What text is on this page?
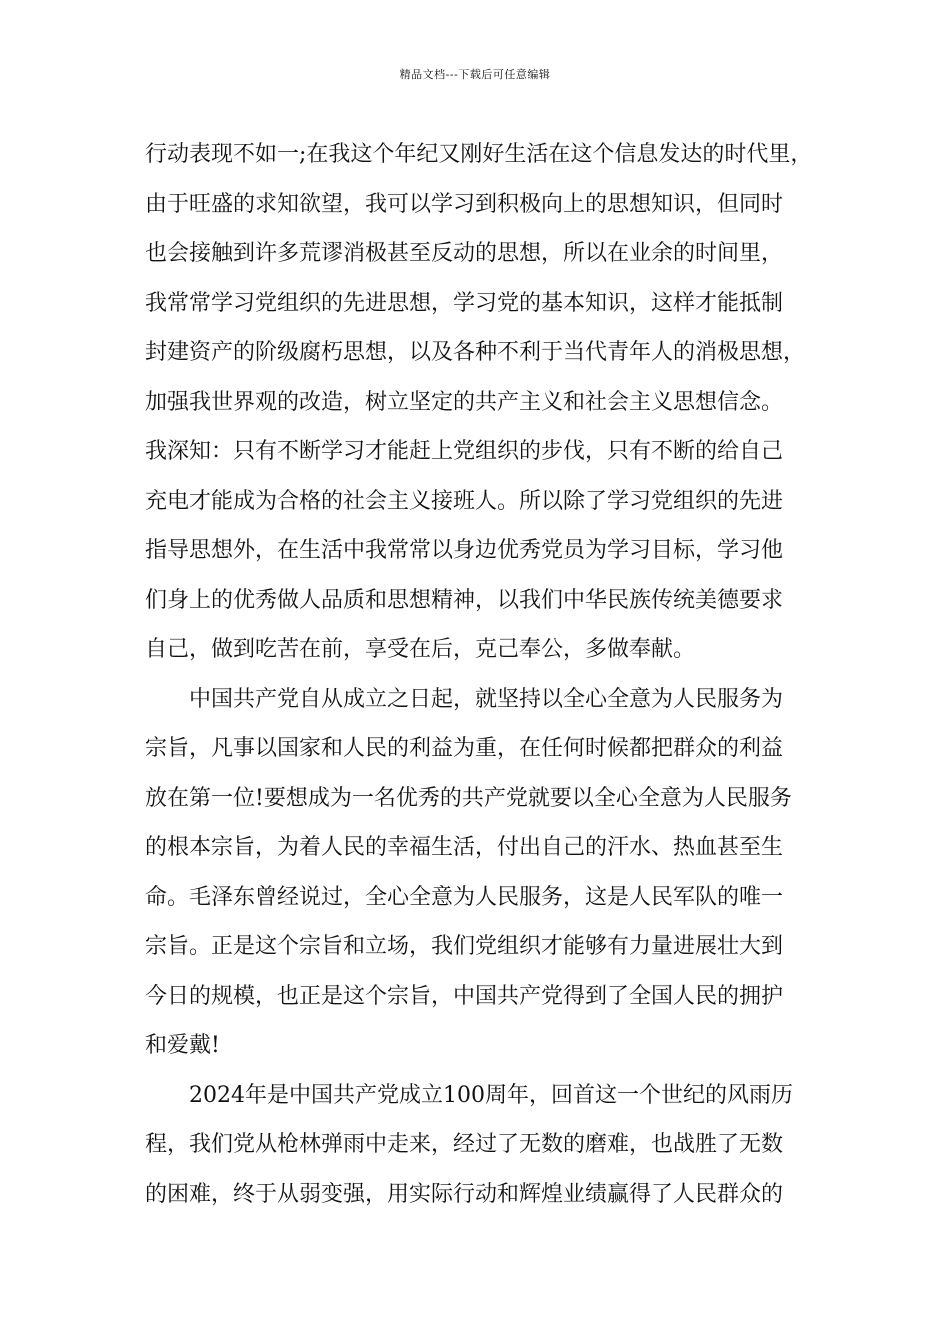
精品文档---下载后可任意编辑
行动表现不如一;在我这个年纪又刚好生活在这个信息发达的时代里，
由于旺盛的求知欲望，我可以学习到积极向上的思想知识，但同时
也会接触到许多荒谬消极甚至反动的思想，所以在业余的时间里，
我常常学习党组织的先进思想，学习党的基本知识，这样才能抵制
封建资产的阶级腐朽思想，以及各种不利于当代青年人的消极思想，
加强我世界观的改造，树立坚定的共产主义和社会主义思想信念。
我深知：只有不断学习才能赶上党组织的步伐，只有不断的给自己
充电才能成为合格的社会主义接班人。所以除了学习党组织的先进
指导思想外，在生活中我常常以身边优秀党员为学习目标，学习他
们身上的优秀做人品质和思想精神，以我们中华民族传统美德要求
自己，做到吃苦在前，享受在后，克己奉公，多做奉献。
中国共产党自从成立之日起，就坚持以全心全意为人民服务为
宗旨，凡事以国家和人民的利益为重，在任何时候都把群众的利益
放在第一位!要想成为一名优秀的共产党就要以全心全意为人民服务
的根本宗旨，为着人民的幸福生活，付出自己的汗水、热血甚至生
命。毛泽东曾经说过，全心全意为人民服务，这是人民军队的唯一
宗旨。正是这个宗旨和立场，我们党组织才能够有力量进展壮大到
今日的规模，也正是这个宗旨，中国共产党得到了全国人民的拥护
和爱戴!
2024年是中国共产党成立100周年，回首这一个世纪的风雨历
程，我们党从枪林弹雨中走来，经过了无数的磨难，也战胜了无数
的困难，终于从弱变强，用实际行动和辉煌业绩赢得了人民群众的
